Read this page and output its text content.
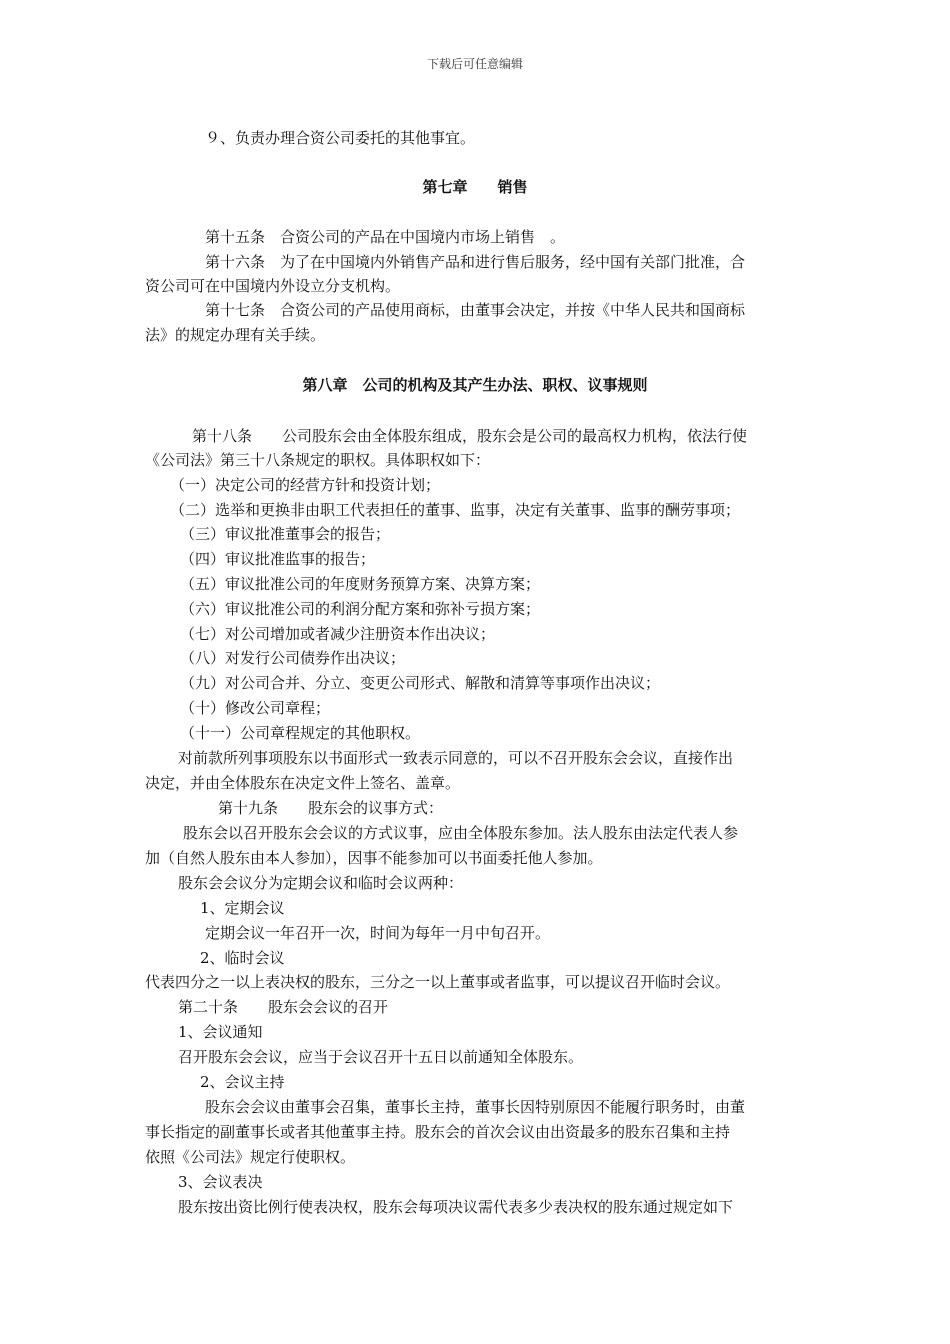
下载后可任意编辑
９、负责办理合资公司委托的其他事宜。
第七章　　销售
第十五条　合资公司的产品在中国境内市场上销售　。
第十六条　为了在中国境内外销售产品和进行售后服务，经中国有关部门批准，合
资公司可在中国境内外设立分支机构。
第十七条　合资公司的产品使用商标，由董事会决定，并按《中华人民共和国商标
法》的规定办理有关手续。
第八章　公司的机构及其产生办法、职权、议事规则
第十八条　　公司股东会由全体股东组成，股东会是公司的最高权力机构，依法行使
《公司法》第三十八条规定的职权。具体职权如下：
（一）决定公司的经营方针和投资计划；
（二）选举和更换非由职工代表担任的董事、监事，决定有关董事、监事的酬劳事项；
（三）审议批准董事会的报告；
（四）审议批准监事的报告；
（五）审议批准公司的年度财务预算方案、决算方案；
（六）审议批准公司的利润分配方案和弥补亏损方案；
（七）对公司增加或者减少注册资本作出决议；
（八）对发行公司债券作出决议；
（九）对公司合并、分立、变更公司形式、解散和清算等事项作出决议；
（十）修改公司章程；
（十一）公司章程规定的其他职权。
对前款所列事项股东以书面形式一致表示同意的，可以不召开股东会会议，直接作出
决定，并由全体股东在决定文件上签名、盖章。
第十九条　　股东会的议事方式：
股东会以召开股东会会议的方式议事，应由全体股东参加。法人股东由法定代表人参
加（自然人股东由本人参加），因事不能参加可以书面委托他人参加。
股东会会议分为定期会议和临时会议两种：
1、定期会议
定期会议一年召开一次，时间为每年一月中旬召开。
2、临时会议
代表四分之一以上表决权的股东，三分之一以上董事或者监事，可以提议召开临时会议。
第二十条　　股东会会议的召开
1、会议通知
召开股东会会议，应当于会议召开十五日以前通知全体股东。
2、会议主持
股东会会议由董事会召集，董事长主持，董事长因特别原因不能履行职务时，由董
事长指定的副董事长或者其他董事主持。股东会的首次会议由出资最多的股东召集和主持
依照《公司法》规定行使职权。
3、会议表决
股东按出资比例行使表决权，股东会每项决议需代表多少表决权的股东通过规定如下
